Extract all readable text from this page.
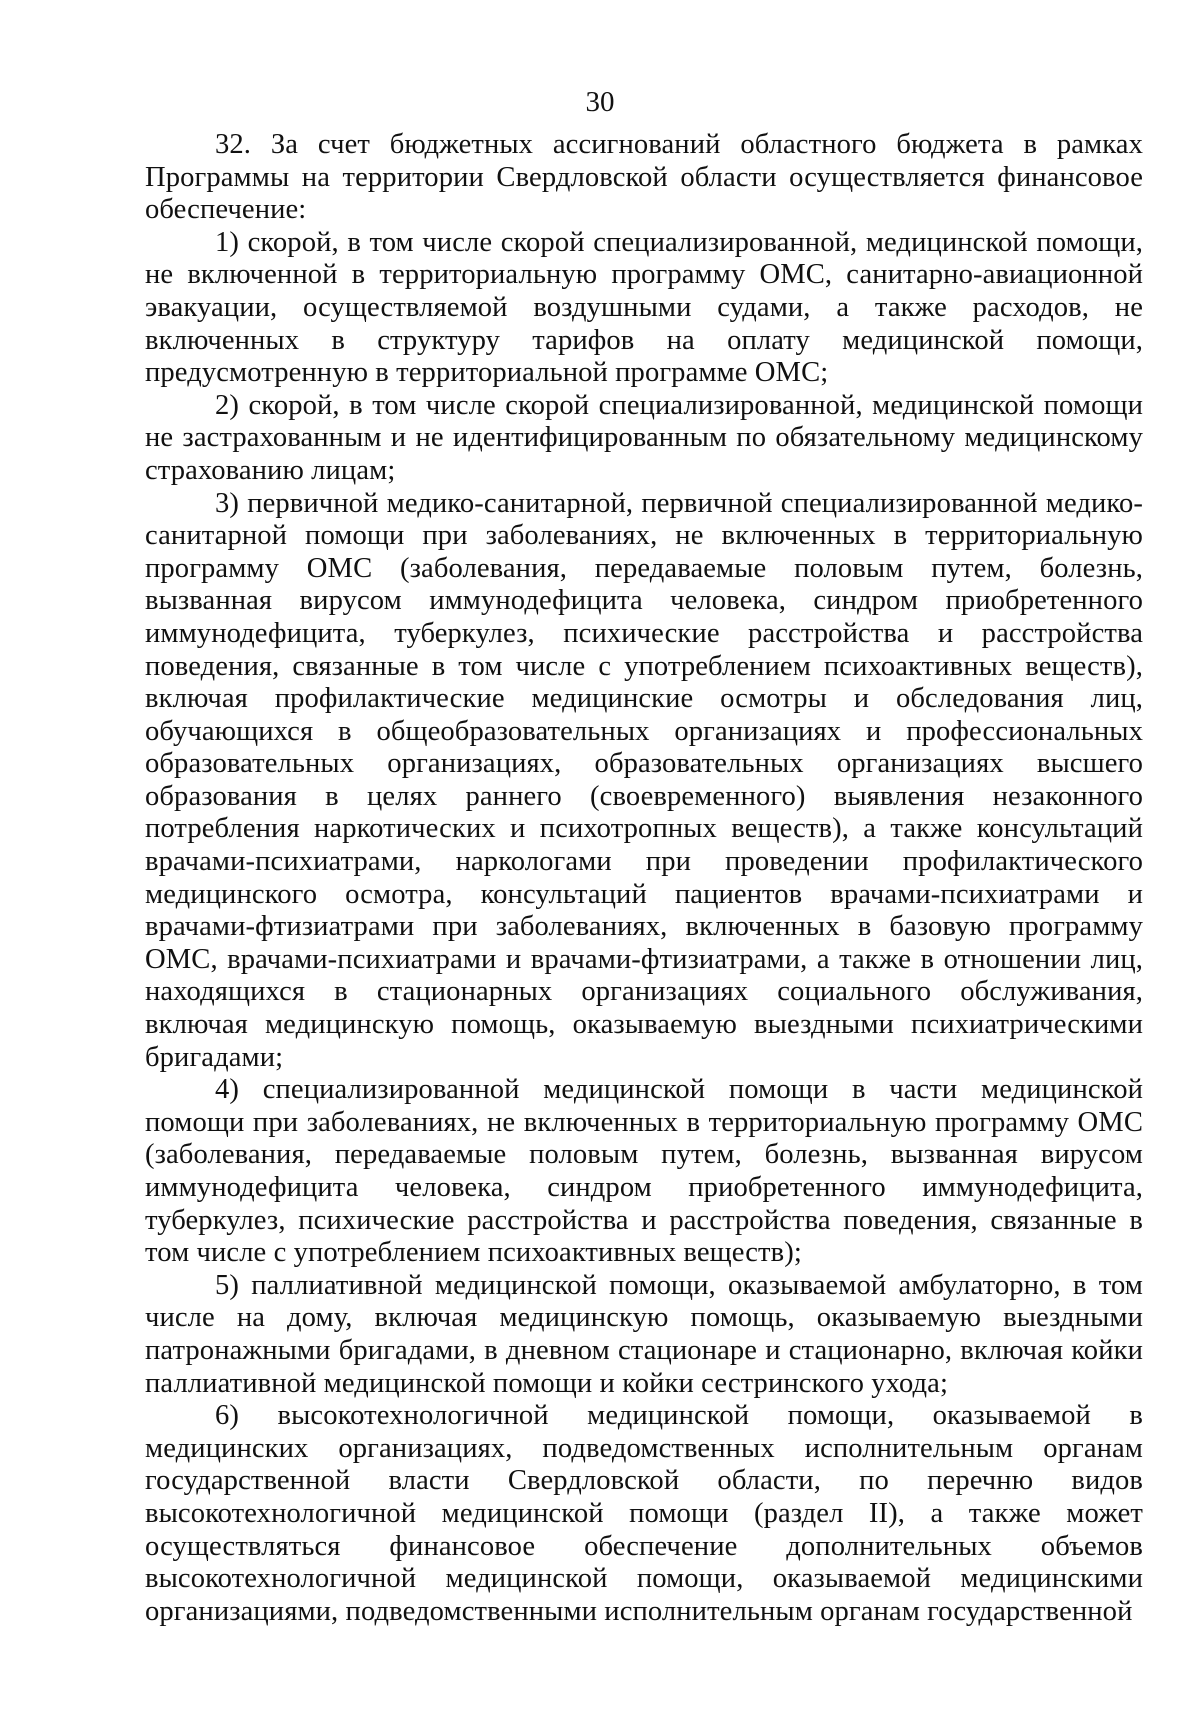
30

32. За счет бюджетных ассигнований областного бюджета в рамках Программы на территории Свердловской области осуществляется финансовое обеспечение:

1) скорой, в том числе скорой специализированной, медицинской помощи, не включенной в территориальную программу ОМС, санитарно-авиационной эвакуации, осуществляемой воздушными судами, а также расходов, не включенных в структуру тарифов на оплату медицинской помощи, предусмотренную в территориальной программе ОМС;

2) скорой, в том числе скорой специализированной, медицинской помощи не застрахованным и не идентифицированным по обязательному медицинскому страхованию лицам;

3) первичной медико-санитарной, первичной специализированной медико-санитарной помощи при заболеваниях, не включенных в территориальную программу ОМС (заболевания, передаваемые половым путем, болезнь, вызванная вирусом иммунодефицита человека, синдром приобретенного иммунодефицита, туберкулез, психические расстройства и расстройства поведения, связанные в том числе с употреблением психоактивных веществ), включая профилактические медицинские осмотры и обследования лиц, обучающихся в общеобразовательных организациях и профессиональных образовательных организациях, образовательных организациях высшего образования в целях раннего (своевременного) выявления незаконного потребления наркотических и психотропных веществ), а также консультаций врачами-психиатрами, наркологами при проведении профилактического медицинского осмотра, консультаций пациентов врачами-психиатрами и врачами-фтизиатрами при заболеваниях, включенных в базовую программу ОМС, врачами-психиатрами и врачами-фтизиатрами, а также в отношении лиц, находящихся в стационарных организациях социального обслуживания, включая медицинскую помощь, оказываемую выездными психиатрическими бригадами;

4) специализированной медицинской помощи в части медицинской помощи при заболеваниях, не включенных в территориальную программу ОМС (заболевания, передаваемые половым путем, болезнь, вызванная вирусом иммунодефицита человека, синдром приобретенного иммунодефицита, туберкулез, психические расстройства и расстройства поведения, связанные в том числе с употреблением психоактивных веществ);

5) паллиативной медицинской помощи, оказываемой амбулаторно, в том числе на дому, включая медицинскую помощь, оказываемую выездными патронажными бригадами, в дневном стационаре и стационарно, включая койки паллиативной медицинской помощи и койки сестринского ухода;

6) высокотехнологичной медицинской помощи, оказываемой в медицинских организациях, подведомственных исполнительным органам государственной власти Свердловской области, по перечню видов высокотехнологичной медицинской помощи (раздел II), а также может осуществляться финансовое обеспечение дополнительных объемов высокотехнологичной медицинской помощи, оказываемой медицинскими организациями, подведомственными исполнительным органам государственной
